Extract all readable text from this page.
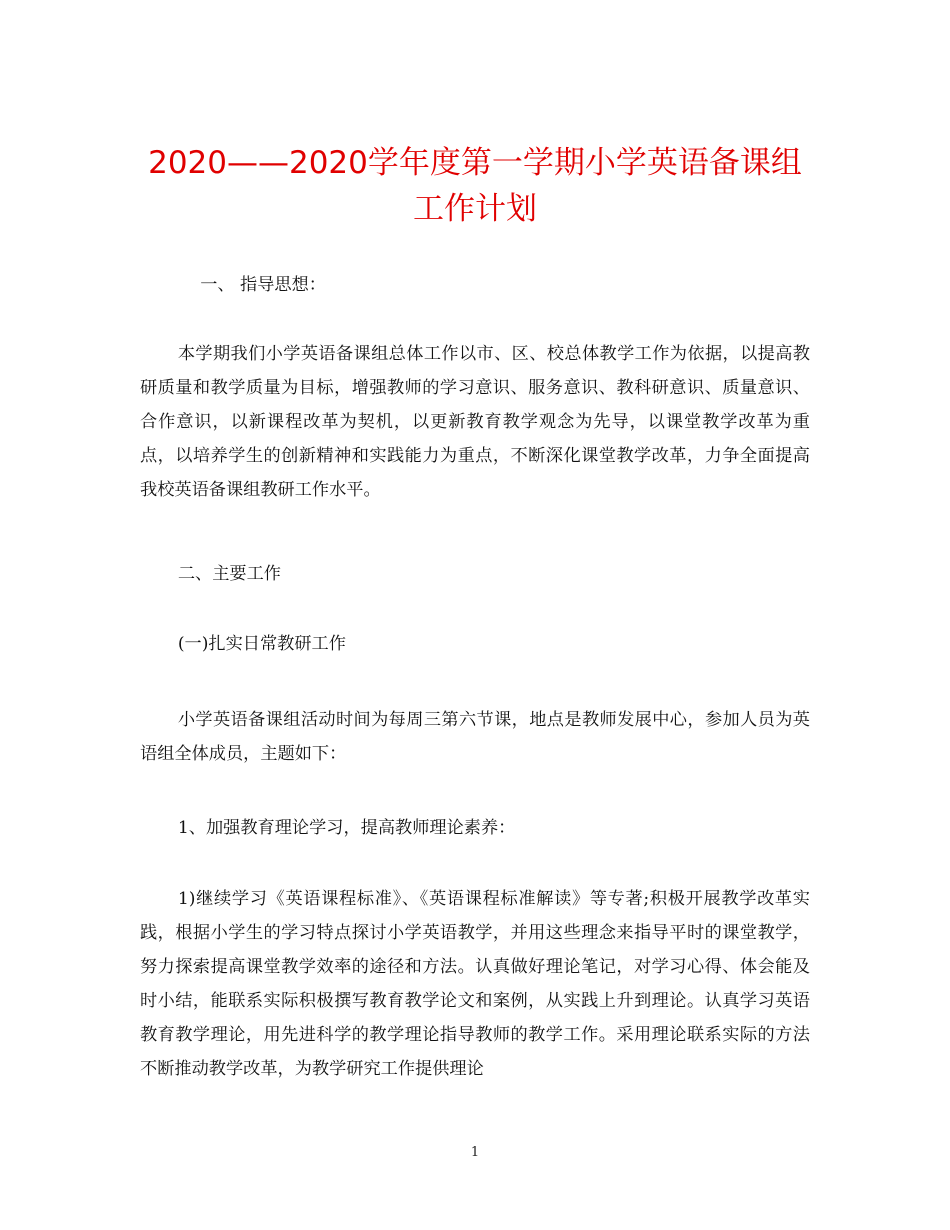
2020——2020学年度第一学期小学英语备课组工作计划

一、 指导思想：

本学期我们小学英语备课组总体工作以市、区、校总体教学工作为依据，以提高教研质量和教学质量为目标，增强教师的学习意识、服务意识、教科研意识、质量意识、合作意识，以新课程改革为契机，以更新教育教学观念为先导，以课堂教学改革为重点，以培养学生的创新精神和实践能力为重点，不断深化课堂教学改革，力争全面提高我校英语备课组教研工作水平。

二、主要工作

(一)扎实日常教研工作

小学英语备课组活动时间为每周三第六节课，地点是教师发展中心，参加人员为英语组全体成员，主题如下：

1、加强教育理论学习，提高教师理论素养：

1)继续学习《英语课程标准》、《英语课程标准解读》等专著;积极开展教学改革实践，根据小学生的学习特点探讨小学英语教学，并用这些理念来指导平时的课堂教学，努力探索提高课堂教学效率的途径和方法。认真做好理论笔记，对学习心得、体会能及时小结，能联系实际积极撰写教育教学论文和案例，从实践上升到理论。认真学习英语教育教学理论，用先进科学的教学理论指导教师的教学工作。采用理论联系实际的方法不断推动教学改革，为教学研究工作提供理论

1
